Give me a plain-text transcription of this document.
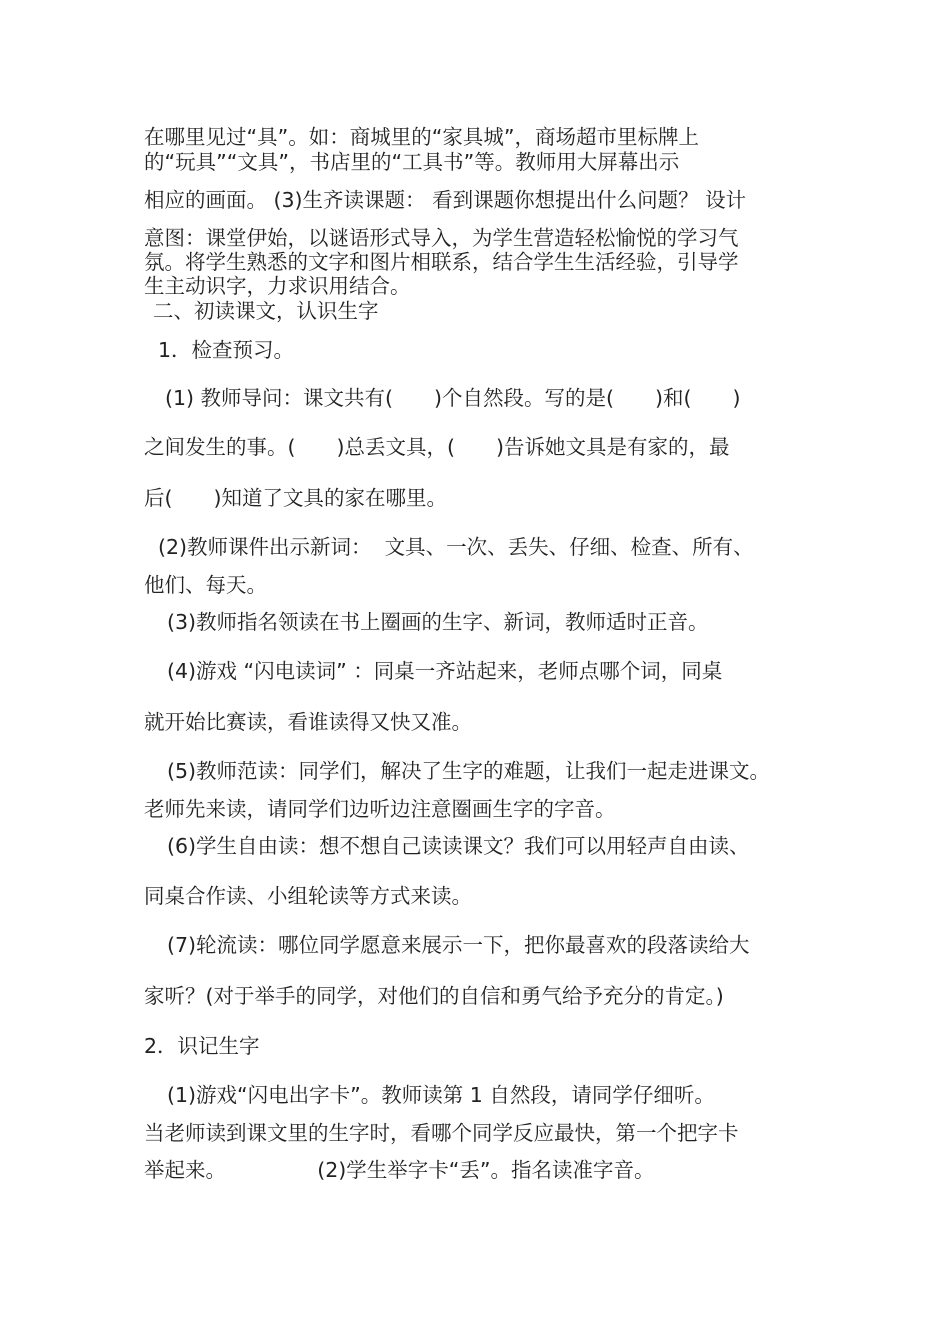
在哪里见过“具”。如：商城里的“家具城”，商场超市里标牌上
的“玩具”“文具”，书店里的“工具书”等。教师用大屏幕出示
相应的画面。 (3)生齐读课题： 看到课题你想提出什么问题？ 设计
意图：课堂伊始，以谜语形式导入，为学生营造轻松愉悦的学习气
氛。将学生熟悉的文字和图片相联系，结合学生生活经验，引导学
生主动识字，力求识用结合。
二、初读课文，认识生字
1．检查预习。
(1) 教师导问：课文共有(　　)个自然段。写的是(　　)和(　　)
之间发生的事。(　　)总丢文具，(　　)告诉她文具是有家的，最
后(　　)知道了文具的家在哪里。
(2)教师课件出示新词：  文具、一次、丢失、仔细、检查、所有、
他们、每天。
(3)教师指名领读在书上圈画的生字、新词，教师适时正音。
(4)游戏 “闪电读词” ：同桌一齐站起来，老师点哪个词，同桌
就开始比赛读，看谁读得又快又准。
(5)教师范读：同学们，解决了生字的难题，让我们一起走进课文。
老师先来读，请同学们边听边注意圈画生字的字音。
(6)学生自由读：想不想自己读读课文？我们可以用轻声自由读、
同桌合作读、小组轮读等方式来读。
(7)轮流读：哪位同学愿意来展示一下，把你最喜欢的段落读给大
家听？(对于举手的同学，对他们的自信和勇气给予充分的肯定。)
2．识记生字
(1)游戏“闪电出字卡”。教师读第 1 自然段，请同学仔细听。
当老师读到课文里的生字时，看哪个同学反应最快，第一个把字卡
举起来。              (2)学生举字卡“丢”。指名读准字音。
